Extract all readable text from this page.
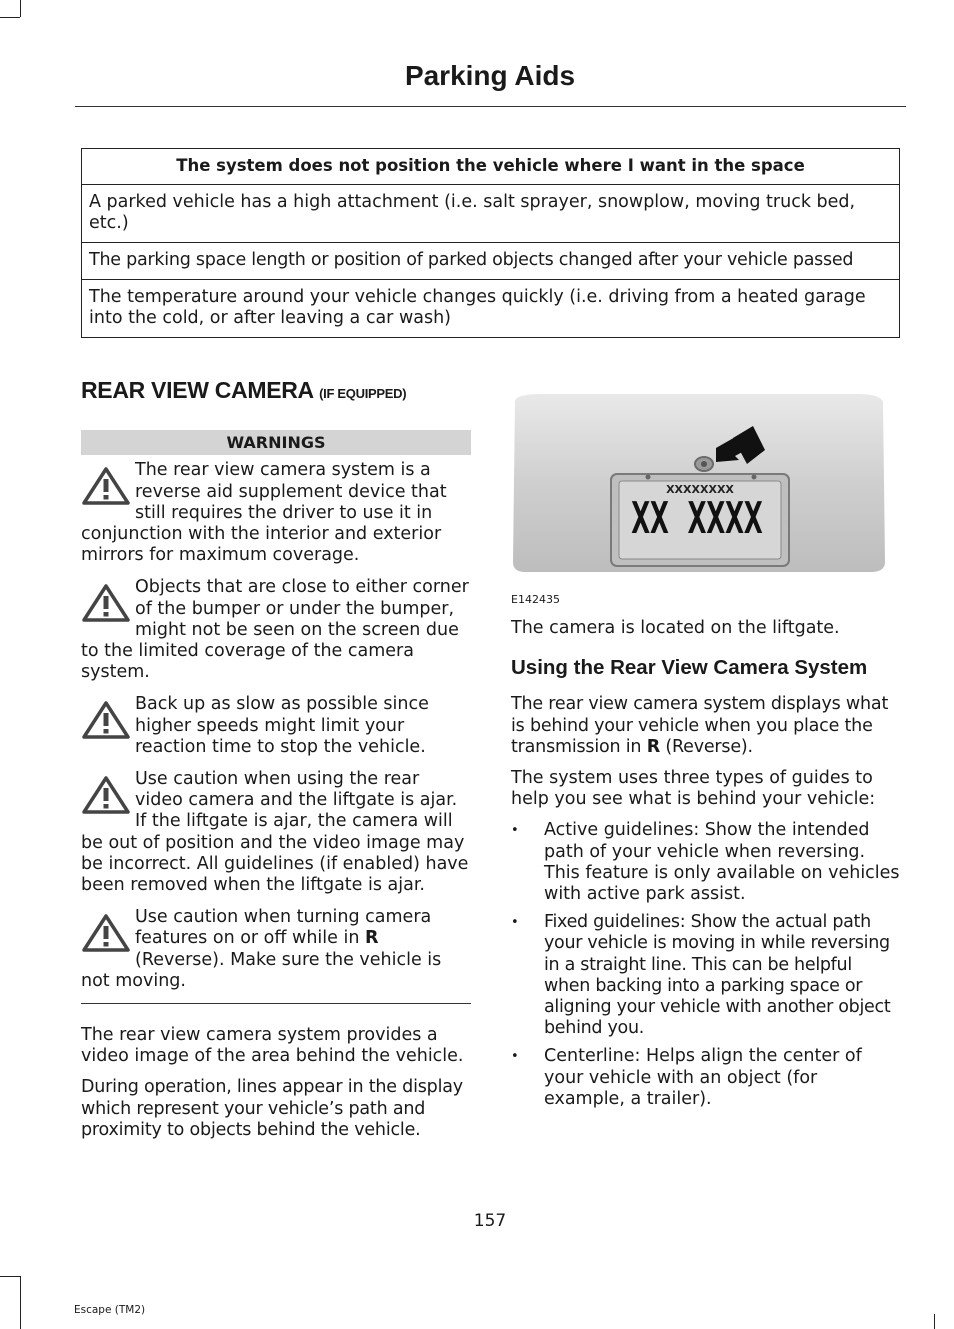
Parking Aids
The system does not position the vehicle where I want in the space
A parked vehicle has a high attachment (i.e. salt sprayer, snowplow, moving truck bed, etc.)
The parking space length or position of parked objects changed after your vehicle passed
The temperature around your vehicle changes quickly (i.e. driving from a heated garage into the cold, or after leaving a car wash)
REAR VIEW CAMERA (IF EQUIPPED)
WARNINGS

The rear view camera system is a reverse aid supplement device that still requires the driver to use it in conjunction with the interior and exterior mirrors for maximum coverage.

Objects that are close to either corner of the bumper or under the bumper, might not be seen on the screen due to the limited coverage of the camera system.

Back up as slow as possible since higher speeds might limit your reaction time to stop the vehicle.

Use caution when using the rear video camera and the liftgate is ajar. If the liftgate is ajar, the camera will be out of position and the video image may be incorrect. All guidelines (if enabled) have been removed when the liftgate is ajar.

Use caution when turning camera features on or off while in R (Reverse). Make sure the vehicle is not moving.

The rear view camera system provides a video image of the area behind the vehicle.

During operation, lines appear in the display which represent your vehicle’s path and proximity to objects behind the vehicle.

XXXXXXXX
XX XXXX
E142435

The camera is located on the liftgate.

Using the Rear View Camera System

The rear view camera system displays what is behind your vehicle when you place the transmission in R (Reverse).

The system uses three types of guides to help you see what is behind your vehicle:

• Active guidelines: Show the intended path of your vehicle when reversing. This feature is only available on vehicles with active park assist.
• Fixed guidelines: Show the actual path your vehicle is moving in while reversing in a straight line. This can be helpful when backing into a parking space or aligning your vehicle with another object behind you.
• Centerline: Helps align the center of your vehicle with an object (for example, a trailer).
157
Escape (TM2)
